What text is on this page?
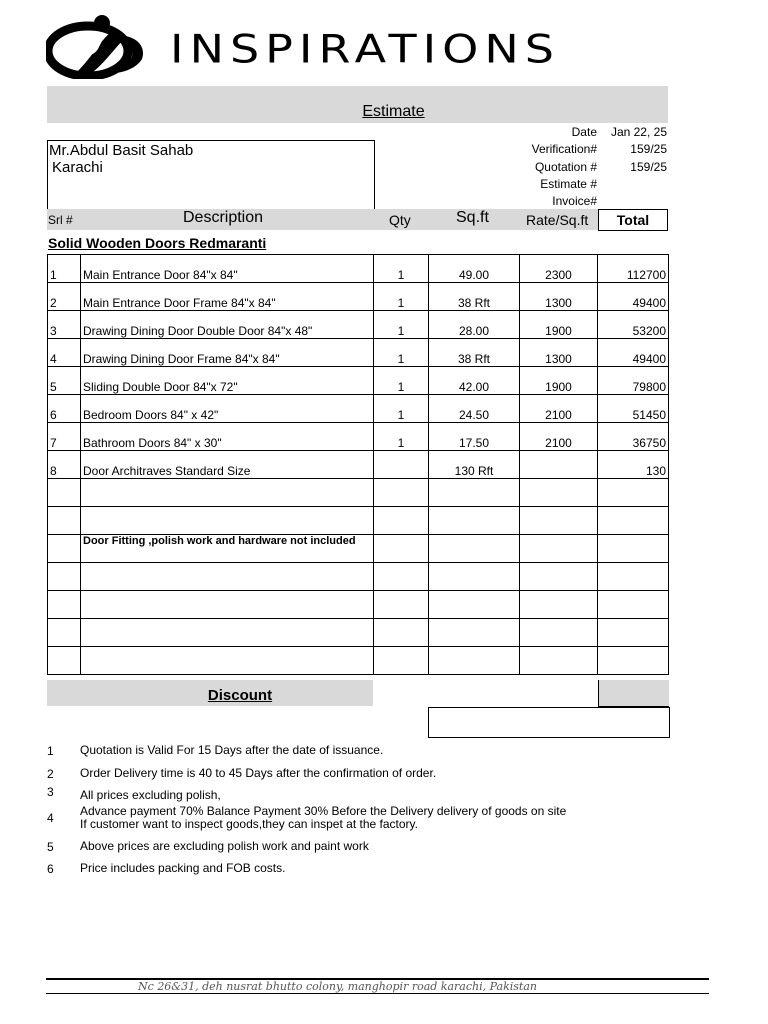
INSPIRATIONS
Estimate
Mr.Abdul Basit Sahab
Karachi
Date Jan 22, 25
Verification#	159/25
Quotation #	159/25
Estimate #
Invoice#
Srl #	Description	Qty	Sq.ft	Rate/Sq.ft	Total
Solid Wooden Doors Redmaranti
1	Main Entrance Door 84"x 84"	1	49.00	2300	112700
2	Main Entrance Door Frame 84"x 84"	1	38 Rft	1300	49400
3	Drawing Dining Door Double Door 84"x 48"	1	28.00	1900	53200
4	Drawing Dining Door Frame 84"x 84"	1	38 Rft	1300	49400
5	Sliding Double Door 84"x 72"	1	42.00	1900	79800
6	Bedroom Doors 84" x 42"	1	24.50	2100	51450
7	Bathroom Doors 84" x 30"	1	17.50	2100	36750
8	Door Architraves Standard Size		130 Rft		130

	Door Fitting ,polish work and hardware not included				

Discount
1 Quotation is Valid For 15 Days after the date of issuance.
2 Order Delivery time is 40 to 45 Days after the confirmation of order.
3 All prices excluding polish,
4 Advance payment 70% Balance Payment 30% Before the Delivery delivery of goods on site
If customer want to inspect goods,they can inspet at the factory.
5 Above prices are excluding polish work and paint work
6 Price includes packing and FOB costs.
Nc 26&31, deh nusrat bhutto colony, manghopir road karachi, Pakistan
